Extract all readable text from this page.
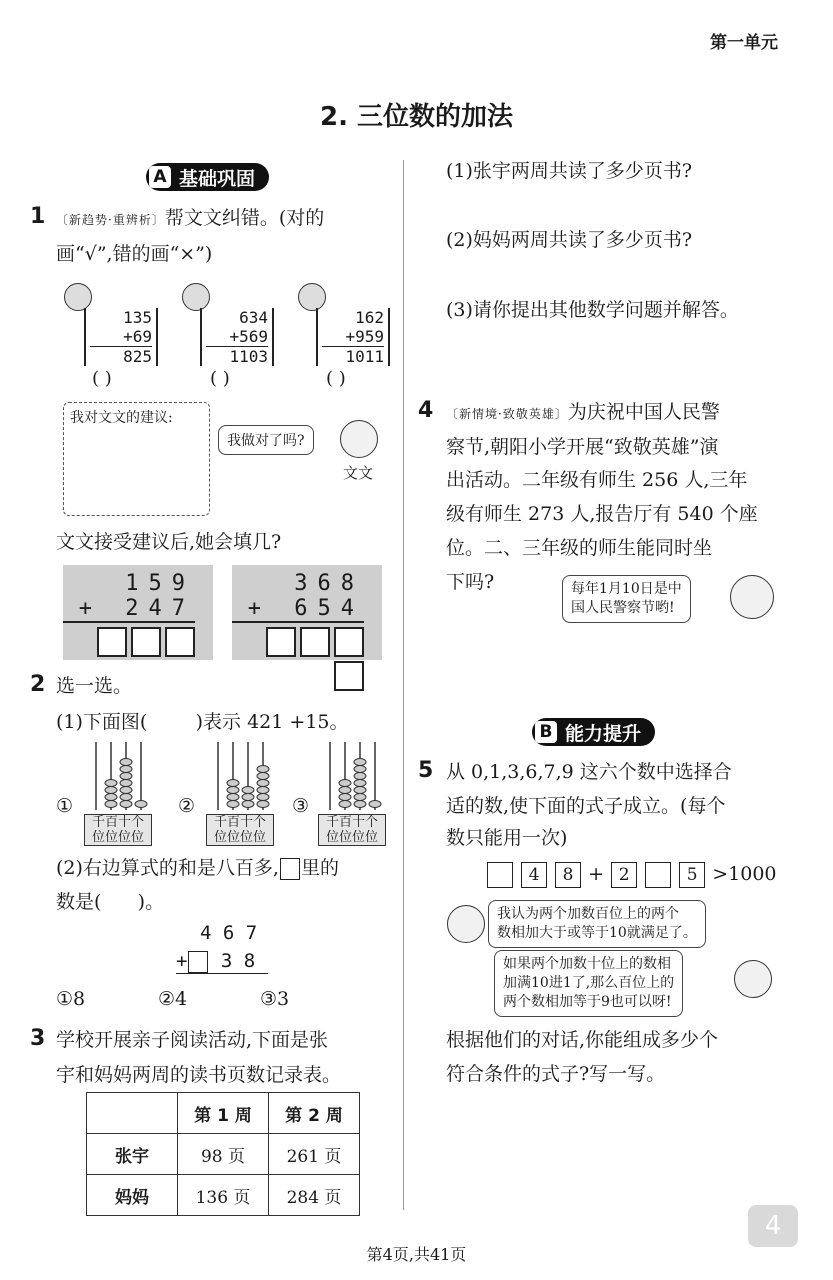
第一单元
2. 三位数的加法
A 基础巩固
1 〔新趋势·重辨析〕帮文文纠错。(对的
画“√”,错的画“×”)
135
+69
825
( )
634
+569
1103
( )
162
+959
1011
( )
我对文文的建议:
我做对了吗?
文文
文文接受建议后,她会填几?
159
+ 247
368
+ 654
2 选一选。
(1)下面图(        )表示 421 +15。
①
千百十个
位位位位
②
千百十个
位位位位
③
千百十个
位位位位
(2)右边算式的和是八百多, 里的
数是(      )。
4 6 7
+ 3 8
①8	②4	③3
3 学校开展亲子阅读活动,下面是张
宇和妈妈两周的读书页数记录表。
	第 1 周	第 2 周
张宇	98 页	261 页
妈妈	136 页	284 页
(1)张宇两周共读了多少页书?
(2)妈妈两周共读了多少页书?
(3)请你提出其他数学问题并解答。
4 〔新情境·致敬英雄〕为庆祝中国人民警
察节,朝阳小学开展“致敬英雄”演
出活动。二年级有师生 256 人,三年
级有师生 273 人,报告厅有 540 个座
位。二、三年级的师生能同时坐
下吗?	每年1月10日是中
国人民警察节哟!
B 能力提升
5 从 0,1,3,6,7,9 这六个数中选择合
适的数,使下面的式子成立。(每个
数只能用一次)
4 8 + 2	5 >1000
我认为两个加数百位上的两个
数相加大于或等于10就满足了。
如果两个加数十位上的数相
加满10进1了,那么百位上的
两个数相加等于9也可以呀!
根据他们的对话,你能组成多少个
符合条件的式子?写一写。
第4页,共41页
4
